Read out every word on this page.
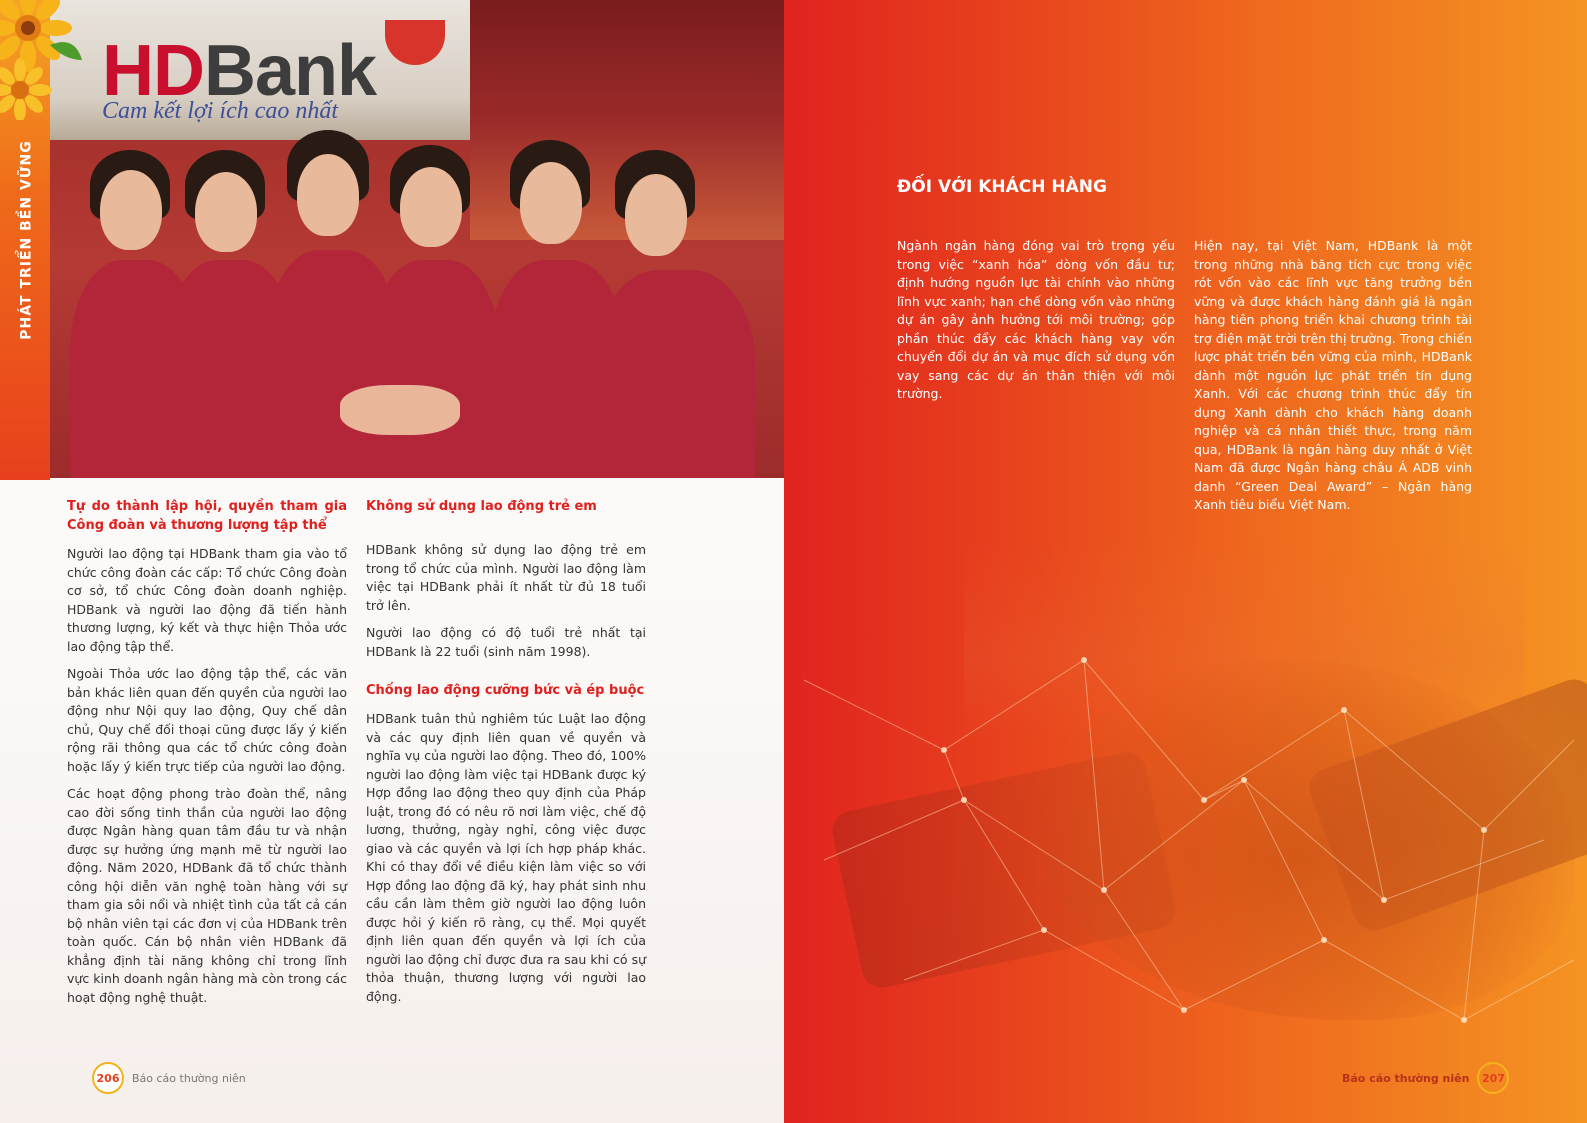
HDBank
Cam kết lợi ích cao nhất
PHÁT TRIỂN BỀN VỮNG
Tự do thành lập hội, quyền tham gia Công đoàn và thương lượng tập thể

Người lao động tại HDBank tham gia vào tổ chức công đoàn các cấp: Tổ chức Công đoàn cơ sở, tổ chức Công đoàn doanh nghiệp. HDBank và người lao động đã tiến hành thương lượng, ký kết và thực hiện Thỏa ước lao động tập thể.

Ngoài Thỏa ước lao động tập thể, các văn bản khác liên quan đến quyền của người lao động như Nội quy lao động, Quy chế dân chủ, Quy chế đối thoại cũng được lấy ý kiến rộng rãi thông qua các tổ chức công đoàn hoặc lấy ý kiến trực tiếp của người lao động.

Các hoạt động phong trào đoàn thể, nâng cao đời sống tinh thần của người lao động được Ngân hàng quan tâm đầu tư và nhận được sự hưởng ứng mạnh mẽ từ người lao động. Năm 2020, HDBank đã tổ chức thành công hội diễn văn nghệ toàn hàng với sự tham gia sôi nổi và nhiệt tình của tất cả cán bộ nhân viên tại các đơn vị của HDBank trên toàn quốc. Cán bộ nhân viên HDBank đã khẳng định tài năng không chỉ trong lĩnh vực kinh doanh ngân hàng mà còn trong các hoạt động nghệ thuật.

Không sử dụng lao động trẻ em

HDBank không sử dụng lao động trẻ em trong tổ chức của mình. Người lao động làm việc tại HDBank phải ít nhất từ đủ 18 tuổi trở lên.

Người lao động có độ tuổi trẻ nhất tại HDBank là 22 tuổi (sinh năm 1998).

Chống lao động cưỡng bức và ép buộc

HDBank tuân thủ nghiêm túc Luật lao động và các quy định liên quan về quyền và nghĩa vụ của người lao động. Theo đó, 100% người lao động làm việc tại HDBank được ký Hợp đồng lao động theo quy định của Pháp luật, trong đó có nêu rõ nơi làm việc, chế độ lương, thưởng, ngày nghỉ, công việc được giao và các quyền và lợi ích hợp pháp khác. Khi có thay đổi về điều kiện làm việc so với Hợp đồng lao động đã ký, hay phát sinh nhu cầu cần làm thêm giờ người lao động luôn được hỏi ý kiến rõ ràng, cụ thể. Mọi quyết định liên quan đến quyền và lợi ích của người lao động chỉ được đưa ra sau khi có sự thỏa thuận, thương lượng với người lao động.

206	Báo cáo thường niên
ĐỐI VỚI KHÁCH HÀNG
Ngành ngân hàng đóng vai trò trọng yếu trong việc “xanh hóa” dòng vốn đầu tư; định hướng nguồn lực tài chính vào những lĩnh vực xanh; hạn chế dòng vốn vào những dự án gây ảnh hưởng tới môi trường; góp phần thúc đẩy các khách hàng vay vốn chuyển đổi dự án và mục đích sử dụng vốn vay sang các dự án thân thiện với môi trường.
Hiện nay, tại Việt Nam, HDBank là một trong những nhà băng tích cực trong việc rót vốn vào các lĩnh vực tăng trưởng bền vững và được khách hàng đánh giá là ngân hàng tiên phong triển khai chương trình tài trợ điện mặt trời trên thị trường. Trong chiến lược phát triển bền vững của mình, HDBank dành một nguồn lực phát triển tín dụng Xanh. Với các chương trình thúc đẩy tín dụng Xanh dành cho khách hàng doanh nghiệp và cá nhân thiết thực, trong năm qua, HDBank là ngân hàng duy nhất ở Việt Nam đã được Ngân hàng châu Á ADB vinh danh “Green Deal Award” – Ngân hàng Xanh tiêu biểu Việt Nam.
Báo cáo thường niên	207
